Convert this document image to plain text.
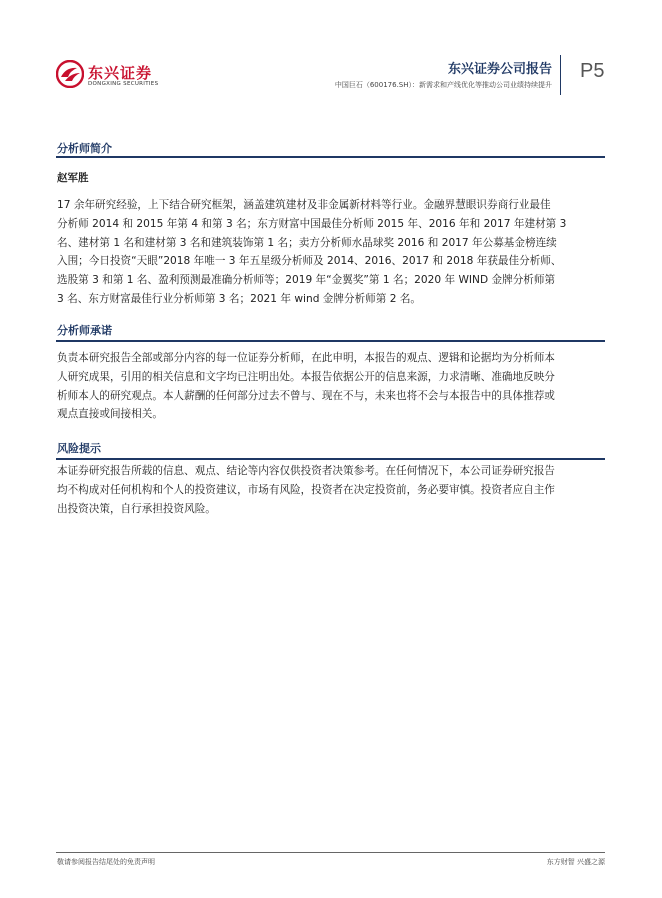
东兴证券
DONGXING SECURITIES
东兴证券公司报告
中国巨石（600176.SH）：新需求和产线优化等推动公司业绩持续提升
P5
分析师简介
赵军胜
17 余年研究经验，上下结合研究框架，涵盖建筑建材及非金属新材料等行业。金融界慧眼识券商行业最佳
分析师 2014 和 2015 年第 4 和第 3 名；东方财富中国最佳分析师 2015 年、2016 年和 2017 年建材第 3
名、建材第 1 名和建材第 3 名和建筑装饰第 1 名；卖方分析师水晶球奖 2016 和 2017 年公募基金榜连续
入围；今日投资“天眼”2018 年唯一 3 年五星级分析师及 2014、2016、2017 和 2018 年获最佳分析师、
选股第 3 和第 1 名、盈利预测最准确分析师等；2019 年“金翼奖”第 1 名；2020 年 WIND 金牌分析师第
3 名、东方财富最佳行业分析师第 3 名；2021 年 wind 金牌分析师第 2 名。
分析师承诺
负责本研究报告全部或部分内容的每一位证券分析师，在此申明，本报告的观点、逻辑和论据均为分析师本
人研究成果，引用的相关信息和文字均已注明出处。本报告依据公开的信息来源，力求清晰、准确地反映分
析师本人的研究观点。本人薪酬的任何部分过去不曾与、现在不与，未来也将不会与本报告中的具体推荐或
观点直接或间接相关。
风险提示
本证券研究报告所载的信息、观点、结论等内容仅供投资者决策参考。在任何情况下，本公司证券研究报告
均不构成对任何机构和个人的投资建议，市场有风险，投资者在决定投资前，务必要审慎。投资者应自主作
出投资决策，自行承担投资风险。
敬请参阅报告结尾处的免责声明	东方财智 兴盛之源
